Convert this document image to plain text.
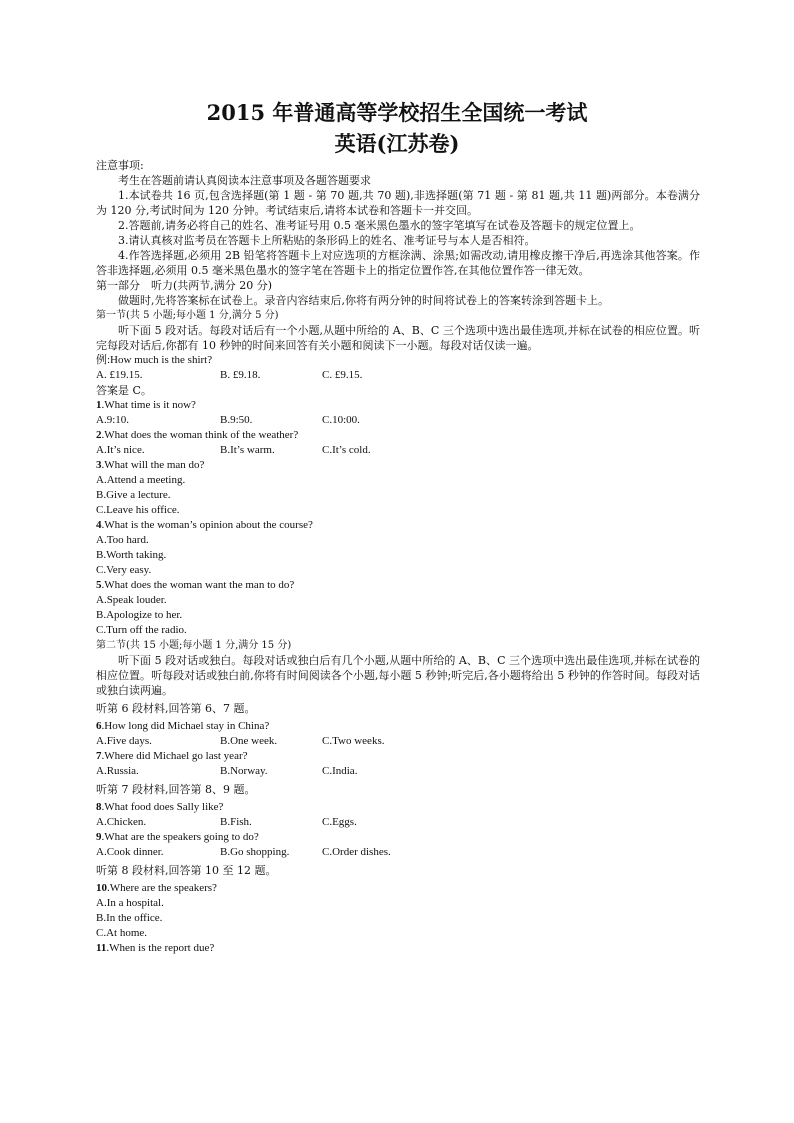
2015 年普通高等学校招生全国统一考试
英语(江苏卷)
注意事项:
考生在答题前请认真阅读本注意事项及各题答题要求
1.本试卷共 16 页,包含选择题(第 1 题 - 第 70 题,共 70 题),非选择题(第 71 题 - 第 81 题,共 11 题)两部分。本卷满分为 120 分,考试时间为 120 分钟。考试结束后,请将本试卷和答题卡一并交回。
2.答题前,请务必将自己的姓名、准考证号用 0.5 毫米黑色墨水的签字笔填写在试卷及答题卡的规定位置上。
3.请认真核对监考员在答题卡上所粘贴的条形码上的姓名、准考证号与本人是否相符。
4.作答选择题,必须用 2B 铅笔将答题卡上对应选项的方框涂满、涂黑;如需改动,请用橡皮擦干净后,再选涂其他答案。作答非选择题,必须用 0.5 毫米黑色墨水的签字笔在答题卡上的指定位置作答,在其他位置作答一律无效。
第一部分　听力(共两节,满分 20 分)
做题时,先将答案标在试卷上。录音内容结束后,你将有两分钟的时间将试卷上的答案转涂到答题卡上。
第一节(共 5 小题;每小题 1 分,满分 5 分)
听下面 5 段对话。每段对话后有一个小题,从题中所给的 A、B、C 三个选项中选出最佳选项,并标在试卷的相应位置。听完每段对话后,你都有 10 秒钟的时间来回答有关小题和阅读下一小题。每段对话仅读一遍。
例:How much is the shirt?
A. £19.15.	B. £9.18.	C. £9.15.
答案是 C。
1.What time is it now?
A.9:10.	B.9:50.	C.10:00.
2.What does the woman think of the weather?
A.It’s nice.	B.It’s warm.	C.It’s cold.
3.What will the man do?
A.Attend a meeting.
B.Give a lecture.
C.Leave his office.
4.What is the woman’s opinion about the course?
A.Too hard.
B.Worth taking.
C.Very easy.
5.What does the woman want the man to do?
A.Speak louder.
B.Apologize to her.
C.Turn off the radio.
第二节(共 15 小题;每小题 1 分,满分 15 分)
听下面 5 段对话或独白。每段对话或独白后有几个小题,从题中所给的 A、B、C 三个选项中选出最佳选项,并标在试卷的相应位置。听每段对话或独白前,你将有时间阅读各个小题,每小题 5 秒钟;听完后,各小题将给出 5 秒钟的作答时间。每段对话或独白读两遍。
听第 6 段材料,回答第 6、7 题。
6.How long did Michael stay in China?
A.Five days.	B.One week.	C.Two weeks.
7.Where did Michael go last year?
A.Russia.	B.Norway.	C.India.
听第 7 段材料,回答第 8、9 题。
8.What food does Sally like?
A.Chicken.	B.Fish.	C.Eggs.
9.What are the speakers going to do?
A.Cook dinner.	B.Go shopping.	C.Order dishes.
听第 8 段材料,回答第 10 至 12 题。
10.Where are the speakers?
A.In a hospital.
B.In the office.
C.At home.
11.When is the report due?
